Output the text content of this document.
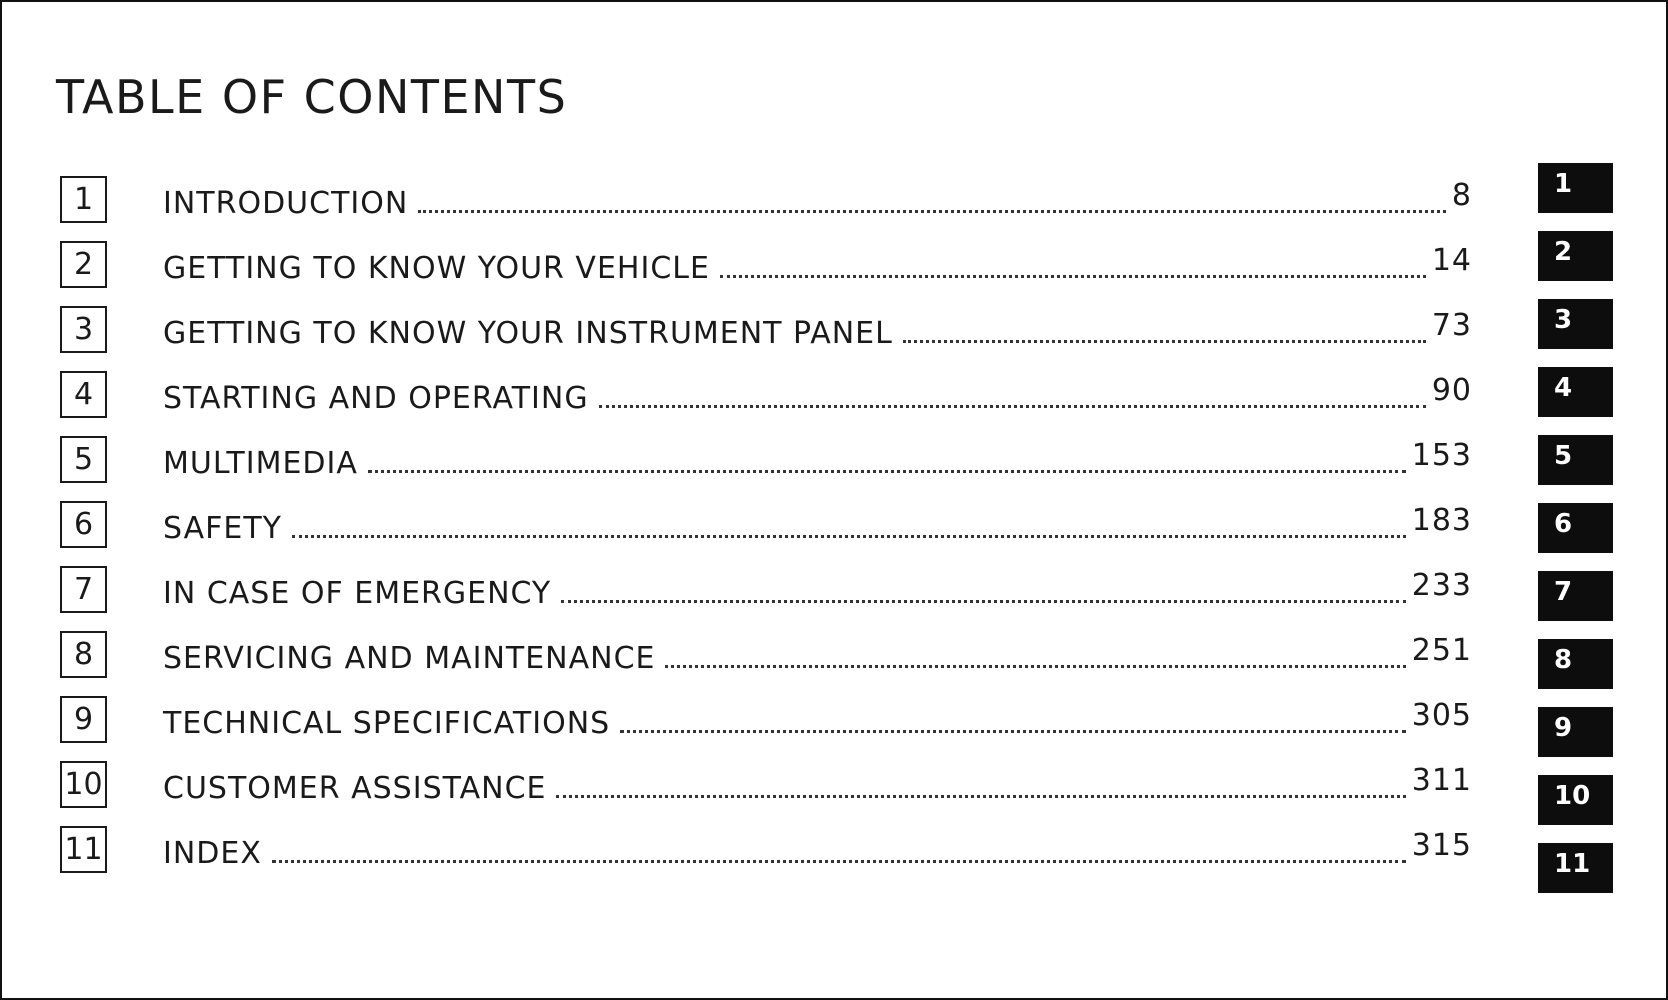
TABLE OF CONTENTS
1	INTRODUCTION	8
2	GETTING TO KNOW YOUR VEHICLE	14
3	GETTING TO KNOW YOUR INSTRUMENT PANEL	73
4	STARTING AND OPERATING	90
5	MULTIMEDIA	153
6	SAFETY	183
7	IN CASE OF EMERGENCY	233
8	SERVICING AND MAINTENANCE	251
9	TECHNICAL SPECIFICATIONS	305
10 CUSTOMER ASSISTANCE	311
11 INDEX	315
1
2
3
4
5
6
7
8
9
10
11
